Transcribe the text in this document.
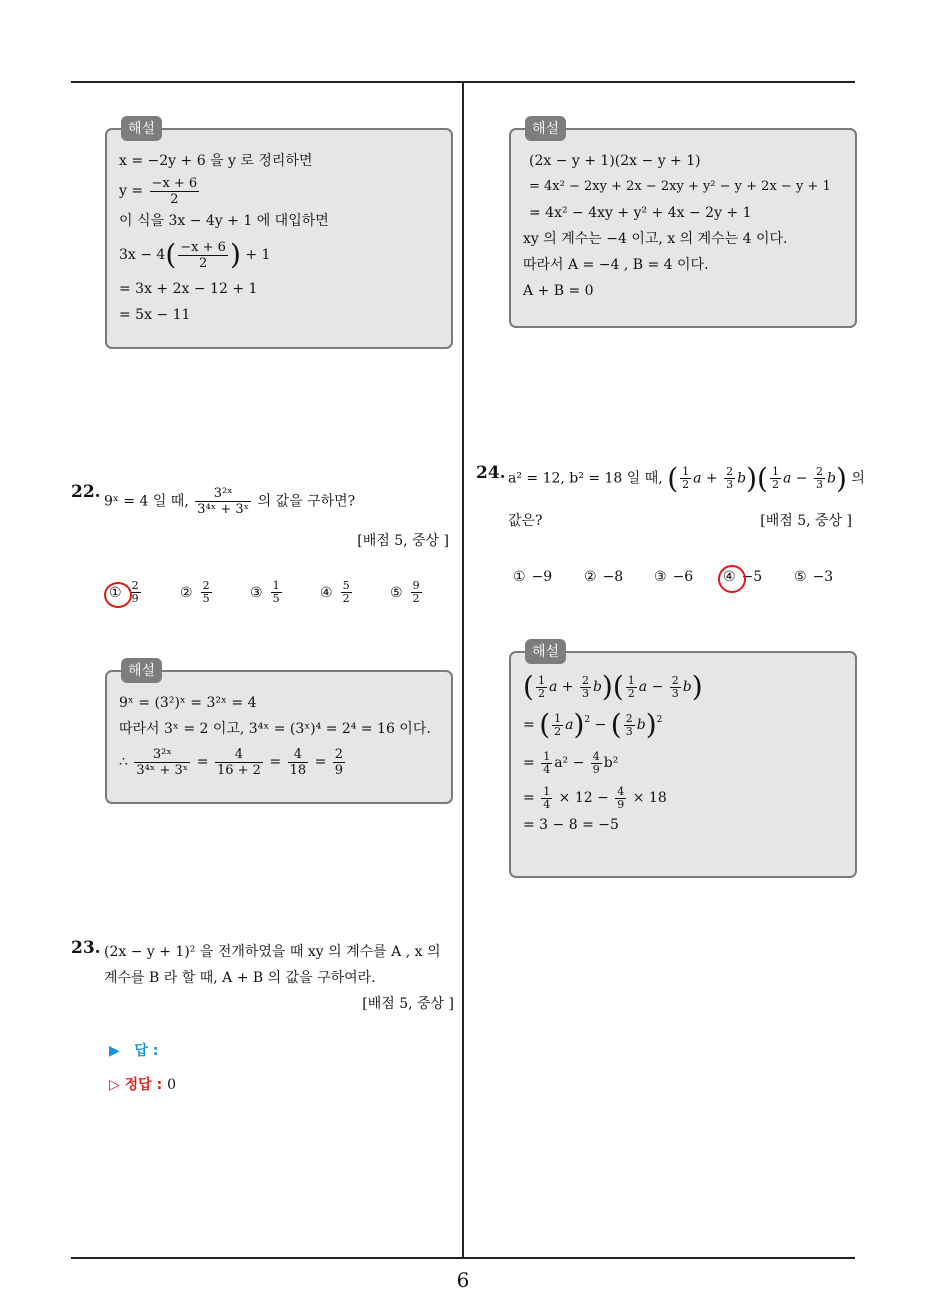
6
해설
x = −2y + 6 을 y 로 정리하면
$y = \frac{-x + 6}{2}$
이 식을 3x − 4y + 1 에 대입하면
$3x - 4( \frac{-x + 6}{2}$ ) + 1
= 3x + 2x − 12 + 1
= 5x − 11
해설
(2x − y + 1)(2x − y + 1)
= 4x² − 2xy + 2x − 2xy + y² − y + 2x − y + 1
= 4x² − 4xy + y² + 4x − 2y + 1
xy 의 계수는 −4 이고, x 의 계수는 4 이다.
따라서 A = −4 , B = 4 이다.
A + B = 0
22. 9ˣ = 4 일 때, $\frac{\text{3²ˣ}}{\text{3⁴ˣ + 3ˣ}}$ 의 값을 구하면?
[배점 5, 중상 ]
① $\frac{2}{9}$	② $\frac{2}{5}$	③ $\frac{1}{5}$	④ $\frac{5}{2}$	⑤ $\frac{9}{2}$
해설
9ˣ = (3²)ˣ = 3²ˣ = 4
따라서 3ˣ = 2 이고, 3⁴ˣ = (3ˣ)⁴ = 2⁴ = 16 이다.
∴ $\frac{\text{3²ˣ}}{\text{3⁴ˣ + 3ˣ}} = \frac{4}{16 + 2} = \frac{4}{18} = \frac{2}{9}$
23. (2x − y + 1)² 을 전개하였을 때 xy 의 계수를 A , x 의
계수를 B 라 할 때, A + B 의 값을 구하여라.
[배점 5, 중상 ]
▶ 답 :
▷ 정답 : 0
24. a² = 12, b² = 18 일 때, ( $\frac{1}{2}$ $a + \frac{2}{3} b)( \frac{1}{2}$ $a - \frac{2}{3} b$) 의
값은?	[배점 5, 중상 ]
① −9 ② −8 ③ −6 ④ −5 ⑤ −3
해설
( $\frac{1}{2}$ $a + \frac{2}{3} b)( \frac{1}{2}$ $a - \frac{2}{3} b$)
= ( $\frac{1}{2} a)^2$ − ( $\frac{2}{3} b)^2$
= $\frac{1}{4} a^2 - \frac{4}{9} b^2$
= $\frac{1}{4} \times 12 - \frac{4}{9} \times 18$
= 3 − 8 = −5
